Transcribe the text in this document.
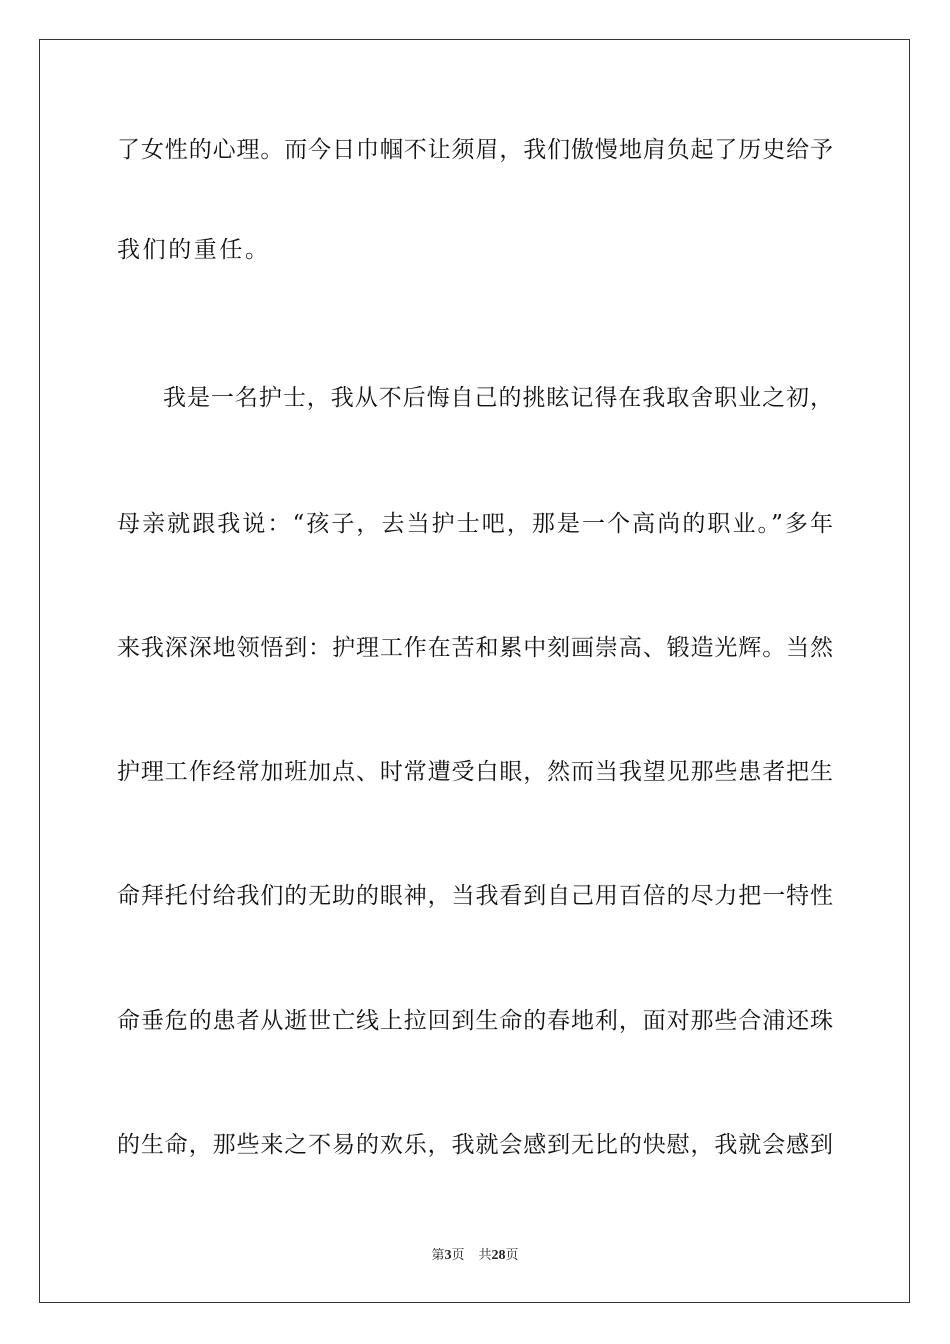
了女性的心理。而今日巾帼不让须眉，我们傲慢地肩负起了历史给予
我们的重任。
我是一名护士，我从不后悔自己的挑眩记得在我取舍职业之初，
母亲就跟我说：“孩子，去当护士吧，那是一个高尚的职业。”多年
来我深深地领悟到：护理工作在苦和累中刻画崇高、锻造光辉。当然
护理工作经常加班加点、时常遭受白眼，然而当我望见那些患者把生
命拜托付给我们的无助的眼神，当我看到自己用百倍的尽力把一特性
命垂危的患者从逝世亡线上拉回到生命的春地利，面对那些合浦还珠
的生命，那些来之不易的欢乐，我就会感到无比的快慰，我就会感到
第3页 共28页
